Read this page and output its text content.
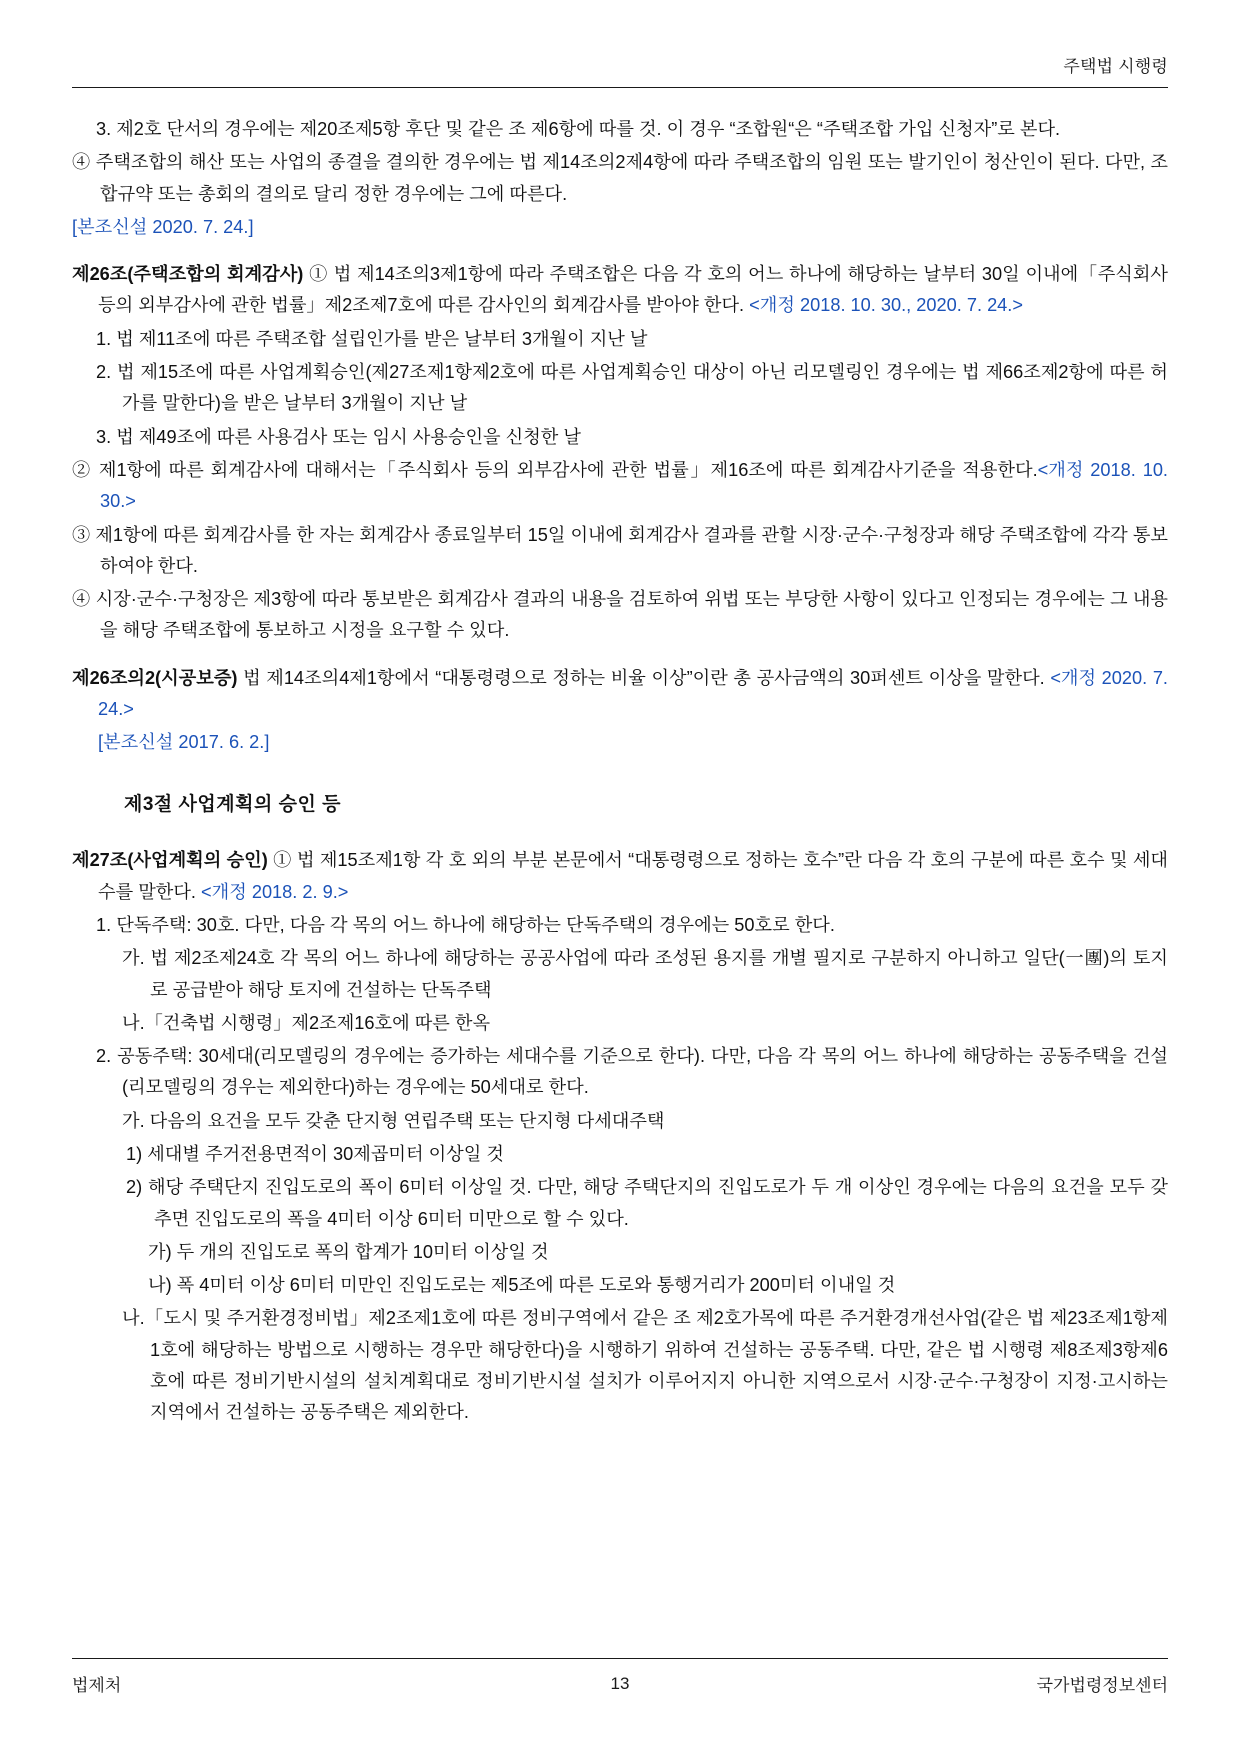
주택법 시행령

3. 제2호 단서의 경우에는 제20조제5항 후단 및 같은 조 제6항에 따를 것. 이 경우 “조합원“은 “주택조합 가입 신청자”로 본다.

④ 주택조합의 해산 또는 사업의 종결을 결의한 경우에는 법 제14조의2제4항에 따라 주택조합의 임원 또는 발기인이 청산인이 된다. 다만, 조합규약 또는 총회의 결의로 달리 정한 경우에는 그에 따른다.

[본조신설 2020. 7. 24.]

제26조(주택조합의 회계감사) ① 법 제14조의3제1항에 따라 주택조합은 다음 각 호의 어느 하나에 해당하는 날부터 30일 이내에「주식회사 등의 외부감사에 관한 법률」제2조제7호에 따른 감사인의 회계감사를 받아야 한다. <개정 2018. 10. 30., 2020. 7. 24.>

1. 법 제11조에 따른 주택조합 설립인가를 받은 날부터 3개월이 지난 날

2. 법 제15조에 따른 사업계획승인(제27조제1항제2호에 따른 사업계획승인 대상이 아닌 리모델링인 경우에는 법 제66조제2항에 따른 허가를 말한다)을 받은 날부터 3개월이 지난 날

3. 법 제49조에 따른 사용검사 또는 임시 사용승인을 신청한 날

② 제1항에 따른 회계감사에 대해서는「주식회사 등의 외부감사에 관한 법률」제16조에 따른 회계감사기준을 적용한다.<개정 2018. 10. 30.>

③ 제1항에 따른 회계감사를 한 자는 회계감사 종료일부터 15일 이내에 회계감사 결과를 관할 시장·군수·구청장과 해당 주택조합에 각각 통보하여야 한다.

④ 시장·군수·구청장은 제3항에 따라 통보받은 회계감사 결과의 내용을 검토하여 위법 또는 부당한 사항이 있다고 인정되는 경우에는 그 내용을 해당 주택조합에 통보하고 시정을 요구할 수 있다.

제26조의2(시공보증) 법 제14조의4제1항에서 “대통령령으로 정하는 비율 이상”이란 총 공사금액의 30퍼센트 이상을 말한다. <개정 2020. 7. 24.>

[본조신설 2017. 6. 2.]

제3절 사업계획의 승인 등

제27조(사업계획의 승인) ① 법 제15조제1항 각 호 외의 부분 본문에서 “대통령령으로 정하는 호수”란 다음 각 호의 구분에 따른 호수 및 세대수를 말한다. <개정 2018. 2. 9.>

1. 단독주택: 30호. 다만, 다음 각 목의 어느 하나에 해당하는 단독주택의 경우에는 50호로 한다.

가. 법 제2조제24호 각 목의 어느 하나에 해당하는 공공사업에 따라 조성된 용지를 개별 필지로 구분하지 아니하고 일단(一團)의 토지로 공급받아 해당 토지에 건설하는 단독주택

나.「건축법 시행령」제2조제16호에 따른 한옥

2. 공동주택: 30세대(리모델링의 경우에는 증가하는 세대수를 기준으로 한다). 다만, 다음 각 목의 어느 하나에 해당하는 공동주택을 건설(리모델링의 경우는 제외한다)하는 경우에는 50세대로 한다.

가. 다음의 요건을 모두 갖춘 단지형 연립주택 또는 단지형 다세대주택

1) 세대별 주거전용면적이 30제곱미터 이상일 것

2) 해당 주택단지 진입도로의 폭이 6미터 이상일 것. 다만, 해당 주택단지의 진입도로가 두 개 이상인 경우에는 다음의 요건을 모두 갖추면 진입도로의 폭을 4미터 이상 6미터 미만으로 할 수 있다.

가) 두 개의 진입도로 폭의 합계가 10미터 이상일 것

나) 폭 4미터 이상 6미터 미만인 진입도로는 제5조에 따른 도로와 통행거리가 200미터 이내일 것

나.「도시 및 주거환경정비법」제2조제1호에 따른 정비구역에서 같은 조 제2호가목에 따른 주거환경개선사업(같은 법 제23조제1항제1호에 해당하는 방법으로 시행하는 경우만 해당한다)을 시행하기 위하여 건설하는 공동주택. 다만, 같은 법 시행령 제8조제3항제6호에 따른 정비기반시설의 설치계획대로 정비기반시설 설치가 이루어지지 아니한 지역으로서 시장·군수·구청장이 지정·고시하는 지역에서 건설하는 공동주택은 제외한다.

법제처	13	국가법령정보센터
